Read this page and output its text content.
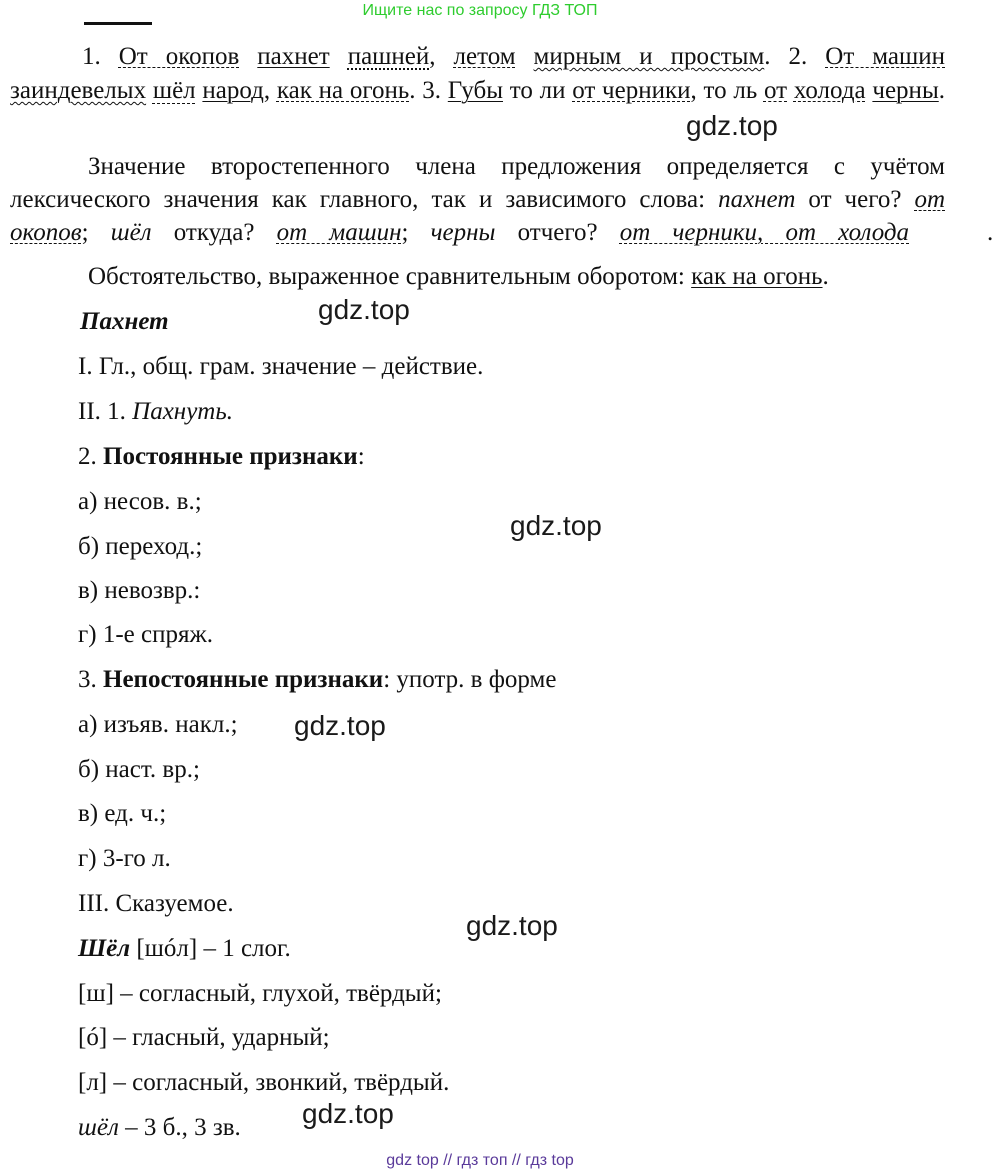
Ищите нас по запросу ГДЗ ТОП
1. От окопов пахнет пашней, летом мирным и простым. 2. От машин заиндевелых шёл народ, как на огонь. 3. Губы то ли от черники, то ль от холода черны.
Значение второстепенного члена предложения определяется с учётом лексического значения как главного, так и зависимого слова: пахнет от чего? от окопов; шёл откуда? от машин; черны отчего? от черники, от холода	.
Обстоятельство, выраженное сравнительным оборотом: как на огонь.
Пахнет
I. Гл., общ. грам. значение – действие.
II. 1. Пахнуть.
2. Постоянные признаки:
а) несов. в.;
б) переход.;
в) невозвр.:
г) 1-е спряж.
3. Непостоянные признаки: употр. в форме
а) изъяв. накл.;
б) наст. вр.;
в) ед. ч.;
г) 3-го л.
III. Сказуемое.
Шёл [шóл] – 1 слог.
[ш] – согласный, глухой, твёрдый;
[ó] – гласный, ударный;
[л] – согласный, звонкий, твёрдый.
шёл – 3 б., 3 зв.
gdz.top
gdz.top
gdz.top
gdz.top
gdz.top
gdz.top
gdz top // гдз топ // гдз top
